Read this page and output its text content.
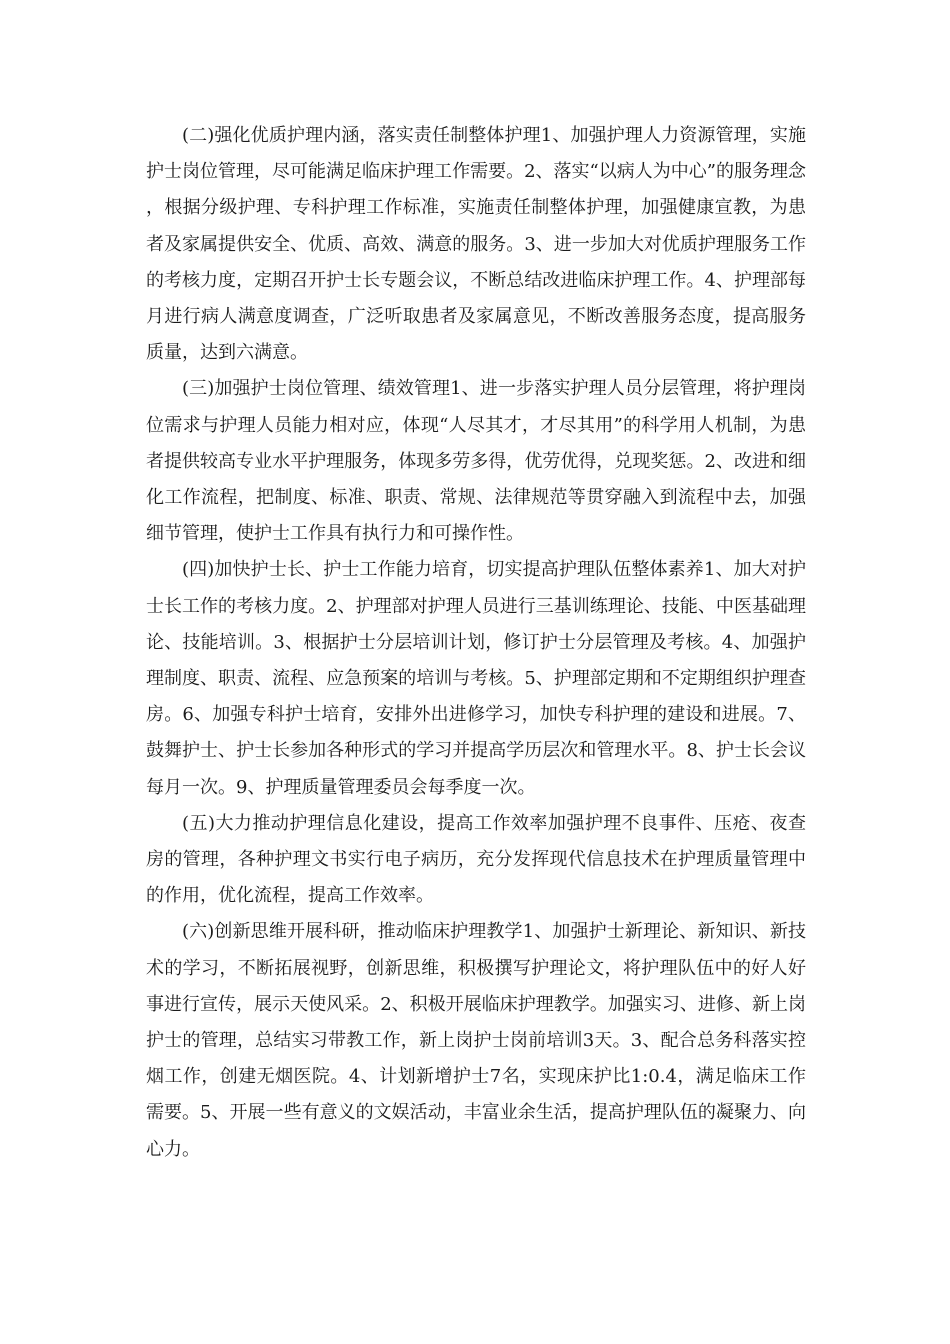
(二)强化优质护理内涵，落实责任制整体护理1、加强护理人力资源管理，实施护士岗位管理，尽可能满足临床护理工作需要。2、落实“以病人为中心”的服务理念，根据分级护理、专科护理工作标准，实施责任制整体护理，加强健康宣教，为患者及家属提供安全、优质、高效、满意的服务。3、进一步加大对优质护理服务工作的考核力度，定期召开护士长专题会议，不断总结改进临床护理工作。4、护理部每月进行病人满意度调查，广泛听取患者及家属意见，不断改善服务态度，提高服务质量，达到六满意。

(三)加强护士岗位管理、绩效管理1、进一步落实护理人员分层管理，将护理岗位需求与护理人员能力相对应，体现“人尽其才，才尽其用”的科学用人机制，为患者提供较高专业水平护理服务，体现多劳多得，优劳优得，兑现奖惩。2、改进和细化工作流程，把制度、标准、职责、常规、法律规范等贯穿融入到流程中去，加强细节管理，使护士工作具有执行力和可操作性。

(四)加快护士长、护士工作能力培育，切实提高护理队伍整体素养1、加大对护士长工作的考核力度。2、护理部对护理人员进行三基训练理论、技能、中医基础理论、技能培训。3、根据护士分层培训计划，修订护士分层管理及考核。4、加强护理制度、职责、流程、应急预案的培训与考核。5、护理部定期和不定期组织护理查房。6、加强专科护士培育，安排外出进修学习，加快专科护理的建设和进展。7、鼓舞护士、护士长参加各种形式的学习并提高学历层次和管理水平。8、护士长会议每月一次。9、护理质量管理委员会每季度一次。

(五)大力推动护理信息化建设，提高工作效率加强护理不良事件、压疮、夜查房的管理，各种护理文书实行电子病历，充分发挥现代信息技术在护理质量管理中的作用，优化流程，提高工作效率。

(六)创新思维开展科研，推动临床护理教学1、加强护士新理论、新知识、新技术的学习，不断拓展视野，创新思维，积极撰写护理论文，将护理队伍中的好人好事进行宣传，展示天使风采。2、积极开展临床护理教学。加强实习、进修、新上岗护士的管理，总结实习带教工作，新上岗护士岗前培训3天。3、配合总务科落实控烟工作，创建无烟医院。4、计划新增护士7名，实现床护比1:0.4，满足临床工作需要。5、开展一些有意义的文娱活动，丰富业余生活，提高护理队伍的凝聚力、向心力。
